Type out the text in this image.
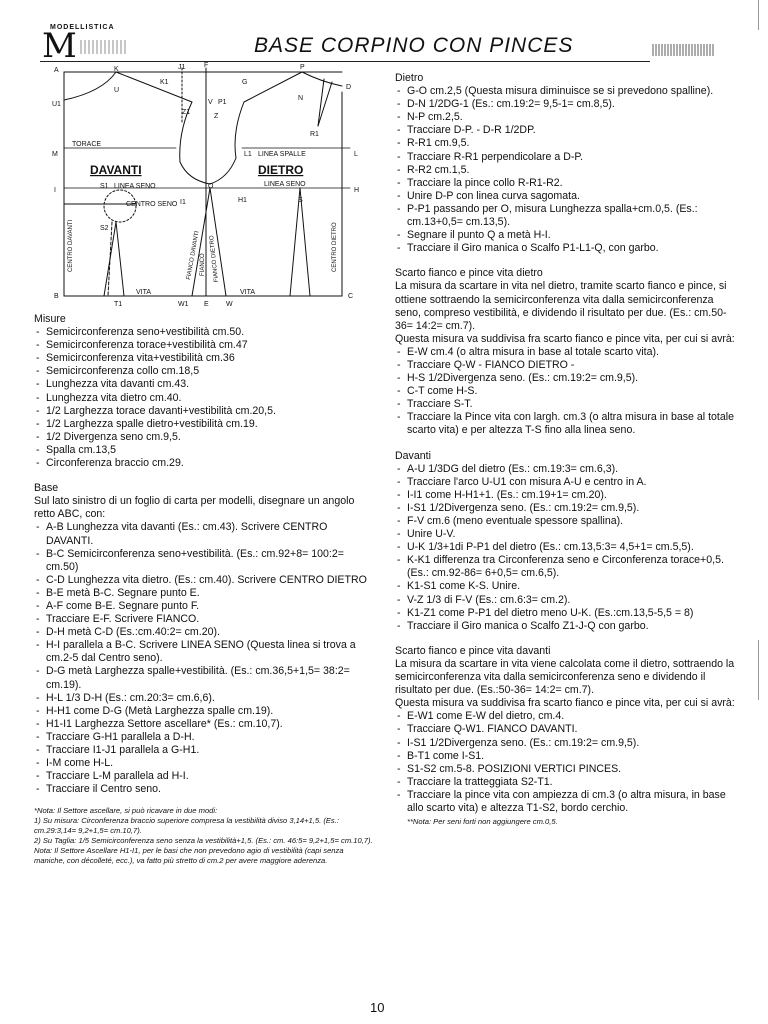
MODELLISTICA
M	BASE CORPINO CON PINCES
A	K
K1
J1	F
G
P
D
U1
U
Z1
V P1
Z
N
R1
M
TORACE
L1 LINEA SPALLE	L
DAVANTI	DIETRO
I
S1 LINEA SENO	O	LINEA SENO
H
I1	H1	S
CENTRO SENO
S2
B
T1
VITA
W1 E W
VITA
C
CENTRO DAVANTI	CENTRO DIETRO
FIANCO DAVANTI FIANCO FIANCO DIETRO

Misure

- Semicirconferenza seno+vestibilità cm.50.
- Semicirconferenza torace+vestibilità cm.47
- Semicirconferenza vita+vestibilità cm.36
- Semicirconferenza collo cm.18,5
- Lunghezza vita davanti cm.43.
- Lunghezza vita dietro cm.40.
- 1/2 Larghezza torace davanti+vestibilità cm.20,5.
- 1/2 Larghezza spalle dietro+vestibilità cm.19.
- 1/2 Divergenza seno cm.9,5.
- Spalla cm.13,5
- Circonferenza braccio cm.29.

Base

Sul lato sinistro di un foglio di carta per modelli, disegnare un angolo retto ABC, con:

- A-B Lunghezza vita davanti (Es.: cm.43). Scrivere CENTRO DAVANTI.
- B-C Semicirconferenza seno+vestibilità. (Es.: cm.92+8= 100:2= cm.50)
- C-D Lunghezza vita dietro. (Es.: cm.40). Scrivere CENTRO DIETRO
- B-E metà B-C. Segnare punto E.
- A-F come B-E. Segnare punto F.
- Tracciare E-F. Scrivere FIANCO.
- D-H metà C-D (Es.:cm.40:2= cm.20).
- H-I parallela a B-C. Scrivere LINEA SENO (Questa linea si trova a cm.2-5 dal Centro seno).
- D-G metà Larghezza spalle+vestibilità. (Es.: cm.36,5+1,5= 38:2= cm.19).
- H-L 1/3 D-H (Es.: cm.20:3= cm.6,6).
- H-H1 come D-G (Metà Larghezza spalle cm.19).
- H1-I1 Larghezza Settore ascellare* (Es.: cm.10,7).
- Tracciare G-H1 parallela a D-H.
- Tracciare I1-J1 parallela a G-H1.
- I-M come H-L.
- Tracciare L-M parallela ad H-I.
- Tracciare il Centro seno.
*Nota: Il Settore ascellare, si può ricavare in due modi:
1) Su misura: Circonferenza braccio superiore compresa la vestibilità diviso 3,14+1,5. (Es.: cm.29:3,14= 9,2+1,5= cm.10,7).
2) Su Taglia: 1/5 Semicirconferenza seno senza la vestibilità+1,5. (Es.: cm. 46:5= 9,2+1,5= cm.10,7).
Nota: Il Settore Ascellare H1-I1, per le basi che non prevedono agio di vestibilità (capi senza maniche, con décolleté, ecc.), va fatto più stretto di cm.2 per avere maggiore aderenza.

Dietro

- G-O cm.2,5 (Questa misura diminuisce se si prevedono spalline).
- D-N 1/2DG-1 (Es.: cm.19:2= 9,5-1= cm.8,5).
- N-P cm.2,5.
- Tracciare D-P. - D-R 1/2DP.
- R-R1 cm.9,5.
- Tracciare R-R1 perpendicolare a D-P.
- R-R2 cm.1,5.
- Tracciare la pince collo R-R1-R2.
- Unire D-P con linea curva sagomata.
- P-P1 passando per O, misura Lunghezza spalla+cm.0,5. (Es.: cm.13+0,5= cm.13,5).
- Segnare il punto Q a metà H-I.
- Tracciare il Giro manica o Scalfo P1-L1-Q, con garbo.

Scarto fianco e pince vita dietro

La misura da scartare in vita nel dietro, tramite scarto fianco e pince, si ottiene sottraendo la semicirconferenza vita dalla semicirconferenza seno, compreso vestibilità, e dividendo il risultato per due. (Es.: cm.50-36= 14:2= cm.7).

Questa misura va suddivisa fra scarto fianco e pince vita, per cui si avrà:

- E-W cm.4 (o altra misura in base al totale scarto vita).
- Tracciare Q-W - FIANCO DIETRO -
- H-S 1/2Divergenza seno. (Es.: cm.19:2= cm.9,5).
- C-T come H-S.
- Tracciare S-T.
- Tracciare la Pince vita con largh. cm.3 (o altra misura in base al totale scarto vita) e per altezza T-S fino alla linea seno.

Davanti

- A-U 1/3DG del dietro (Es.: cm.19:3= cm.6,3).
- Tracciare l'arco U-U1 con misura A-U e centro in A.
- I-I1 come H-H1+1. (Es.: cm.19+1= cm.20).
- I-S1 1/2Divergenza seno. (Es.: cm.19:2= cm.9,5).
- F-V cm.6 (meno eventuale spessore spallina).
- Unire U-V.
- U-K 1/3+1di P-P1 del dietro (Es.: cm.13,5:3= 4,5+1= cm.5,5).
- K-K1 differenza tra Circonferenza seno e Circonferenza torace+0,5. (Es.: cm.92-86= 6+0,5= cm.6,5).
- K1-S1 come K-S. Unire.
- V-Z 1/3 di F-V (Es.: cm.6:3= cm.2).
- K1-Z1 come P-P1 del dietro meno U-K. (Es.:cm.13,5-5,5 = 8)
- Tracciare il Giro manica o Scalfo Z1-J-Q con garbo.

Scarto fianco e pince vita davanti

La misura da scartare in vita viene calcolata come il dietro, sottraendo la semicirconferenza vita dalla semicirconferenza seno e dividendo il risultato per due. (Es.:50-36= 14:2= cm.7).

Questa misura va suddivisa fra scarto fianco e pince vita, per cui si avrà:

- E-W1 come E-W del dietro, cm.4.
- Tracciare Q-W1. FIANCO DAVANTI.
- I-S1 1/2Divergenza seno. (Es.: cm.19:2= cm.9,5).
- B-T1 come I-S1.
- S1-S2 cm.5-8. POSIZIONI VERTICI PINCES.
- Tracciare la tratteggiata S2-T1.
- Tracciare la pince vita con ampiezza di cm.3 (o altra misura, in base allo scarto vita) e altezza T1-S2, bordo cerchio.
**Nota: Per seni forti non aggiungere cm.0,5.
10
